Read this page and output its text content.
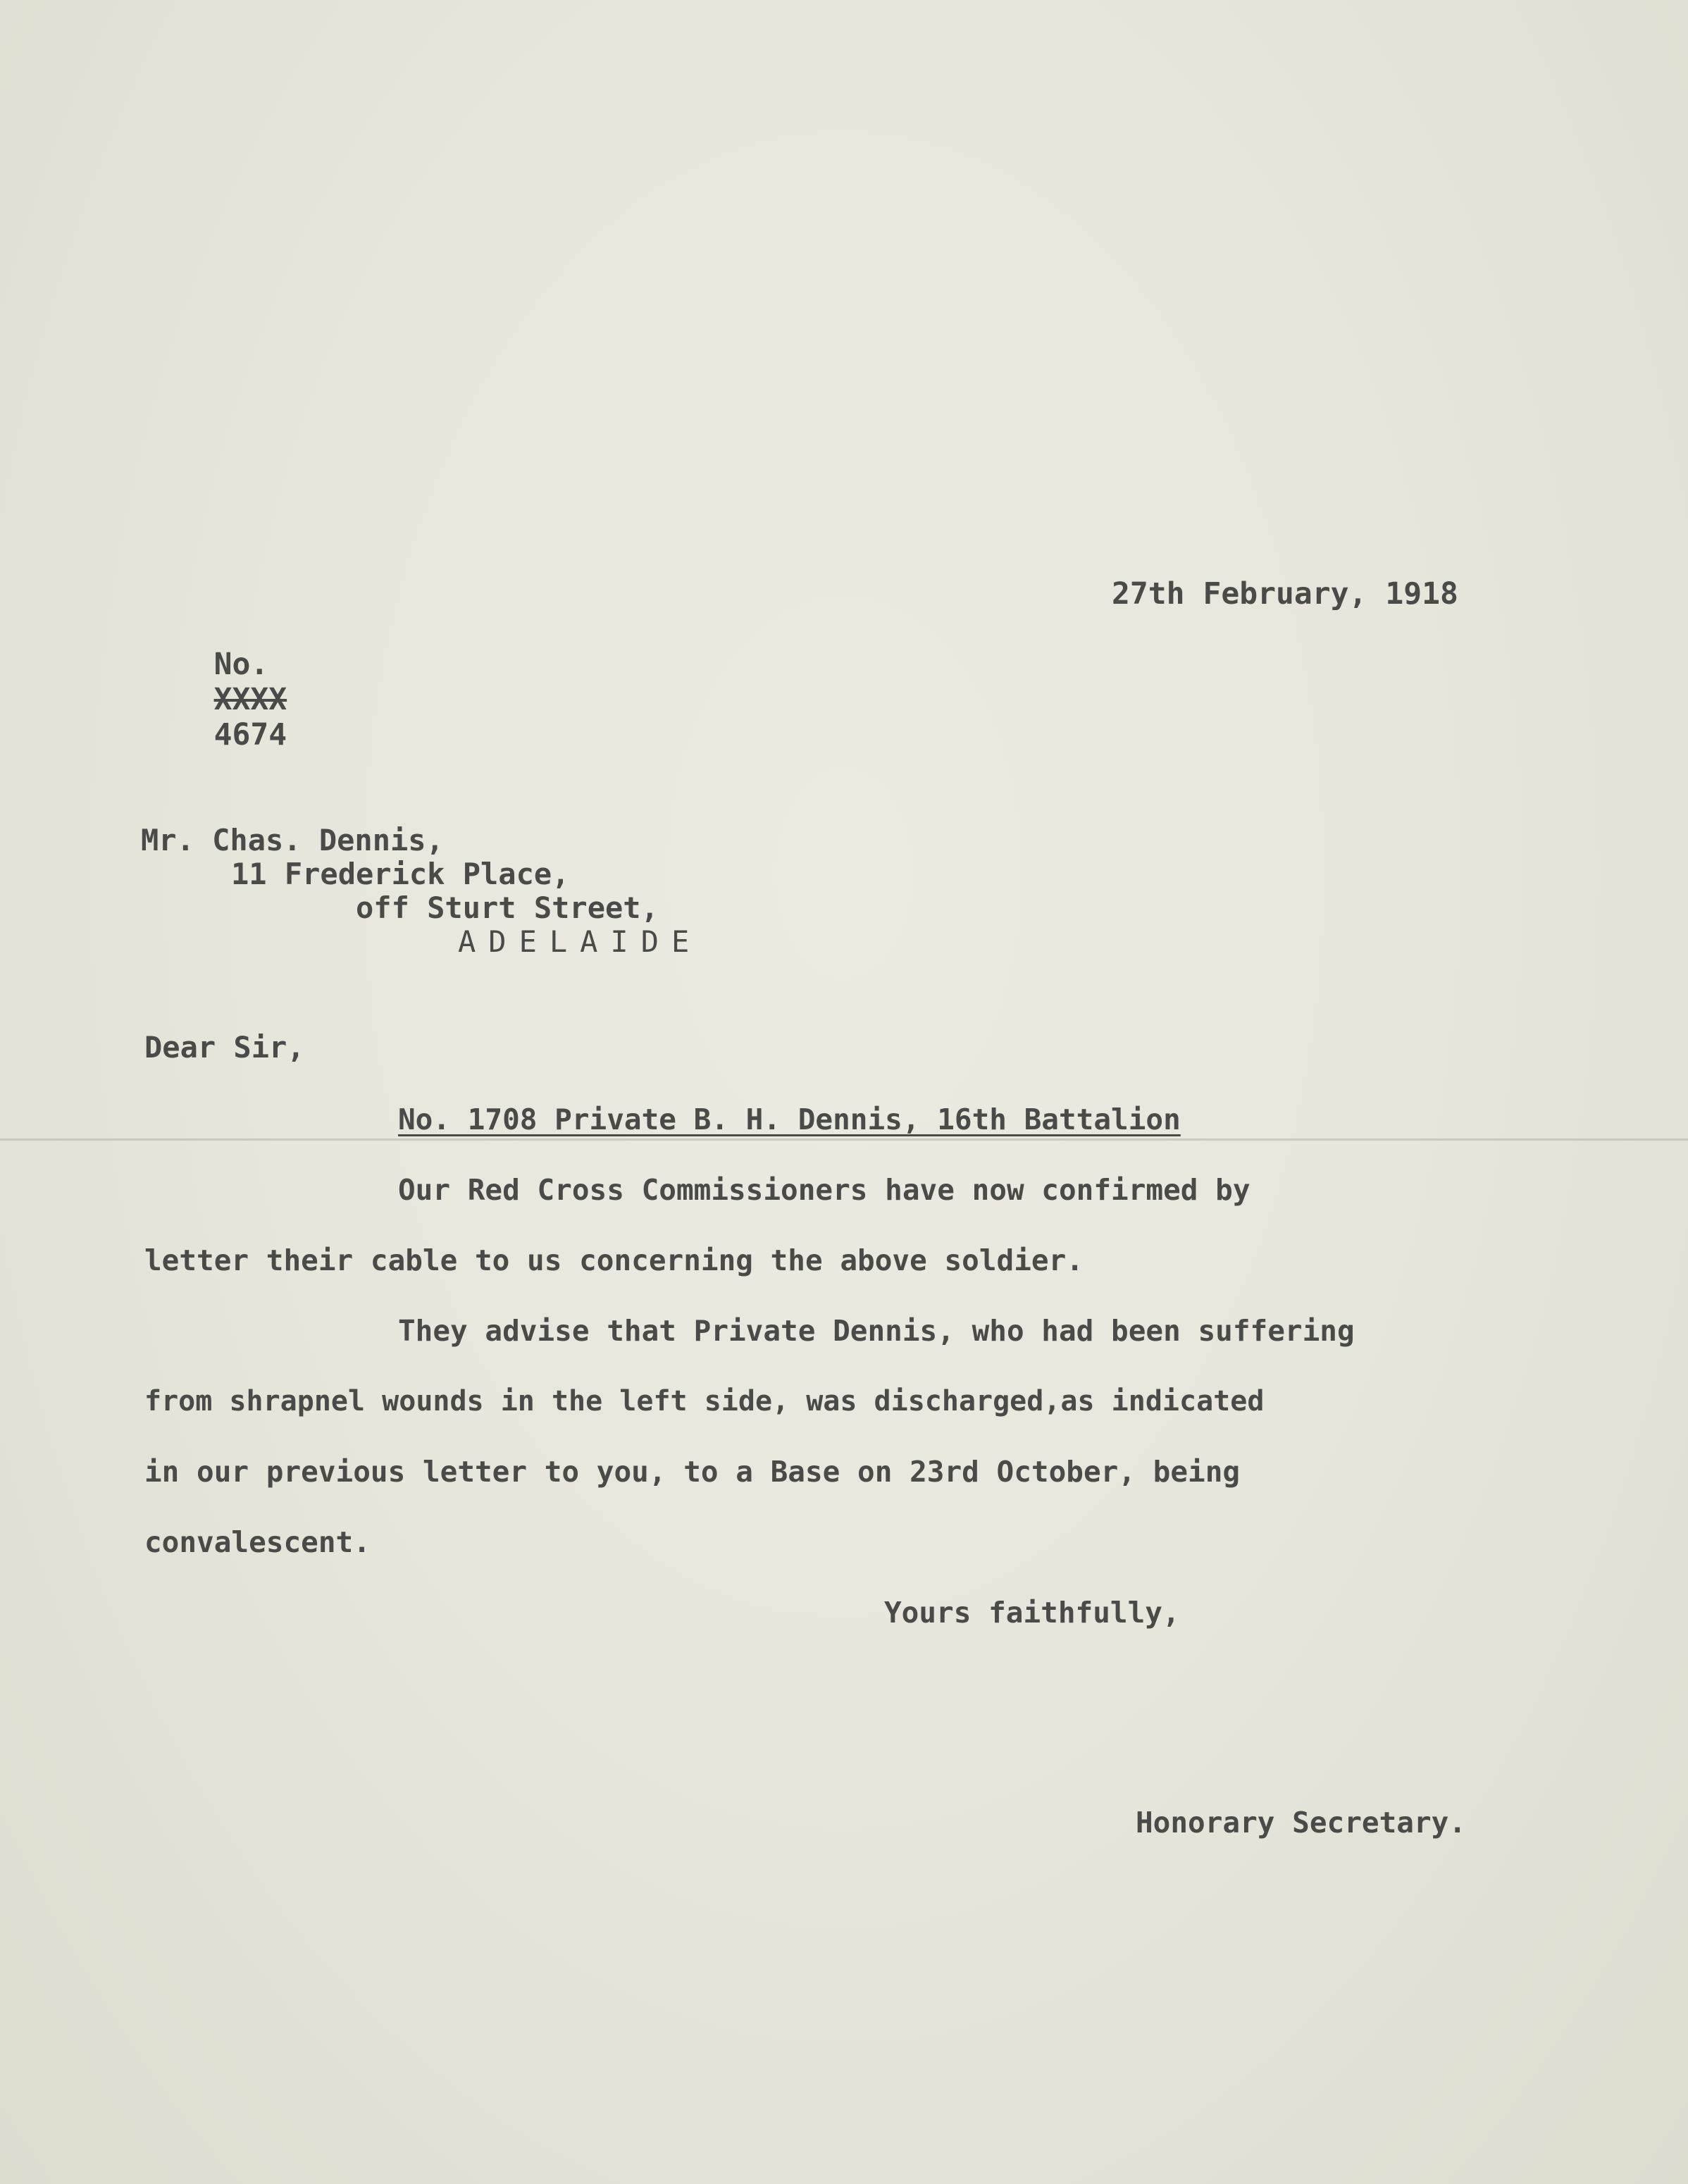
27th February, 1918

No.
XXXX
4674

Mr. Chas. Dennis,
11 Frederick Place,
off Sturt Street,
ADELAIDE
Dear Sir,
No. 1708 Private B. H. Dennis, 16th Battalion
Our Red Cross Commissioners have now confirmed by
letter their cable to us concerning the above soldier.
They advise that Private Dennis, who had been suffering
from shrapnel wounds in the left side, was discharged,as indicated
in our previous letter to you, to a Base on 23rd October, being
convalescent.
Yours faithfully,
Honorary Secretary.
